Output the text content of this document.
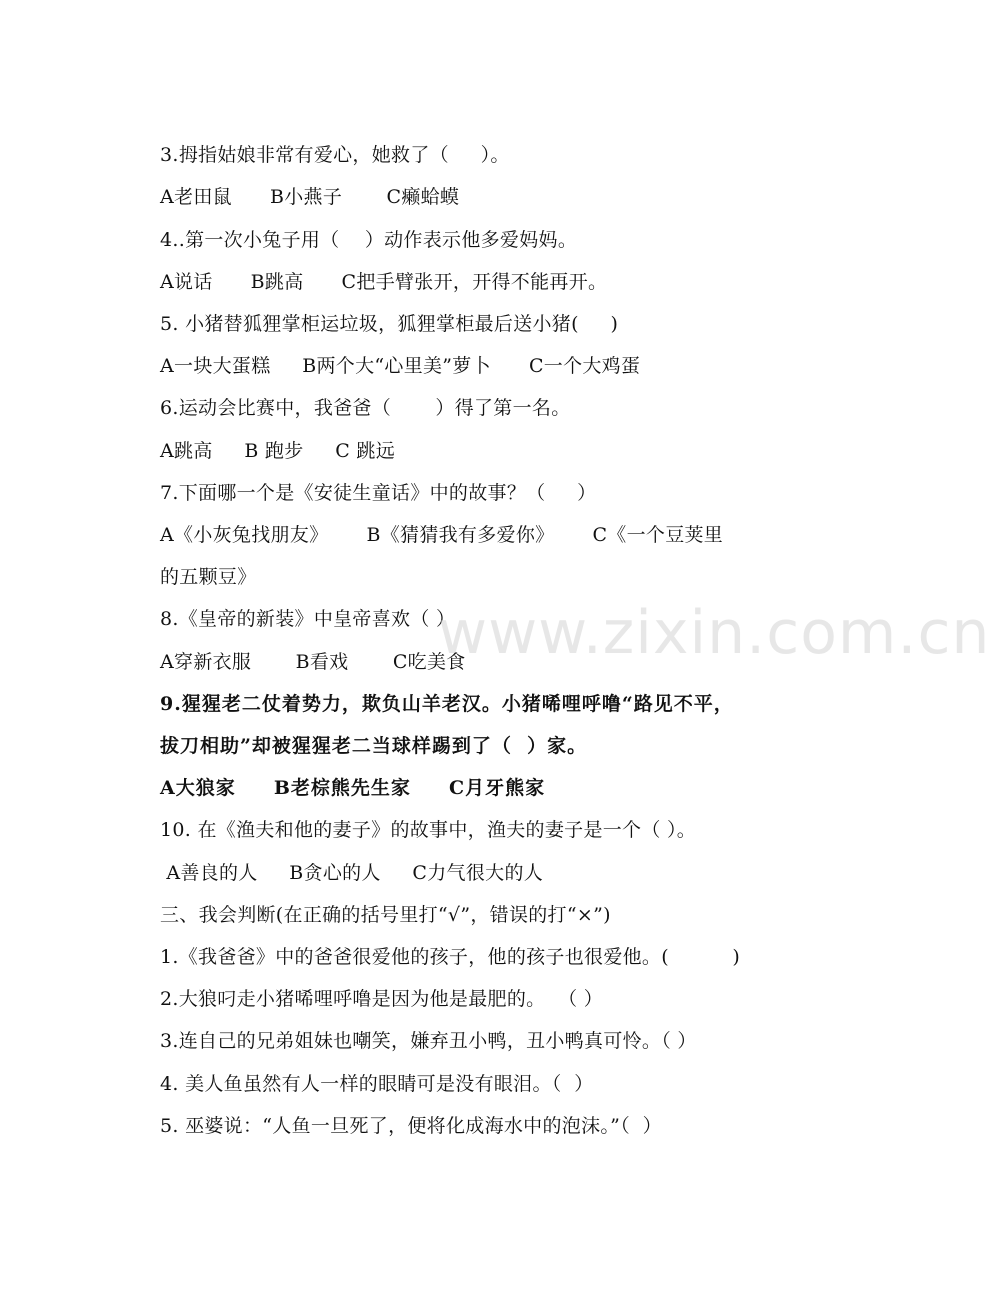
3.拇指姑娘非常有爱心，她救了（     ）。
A老田鼠      B小燕子       C癞蛤蟆
4..第一次小兔子用（    ）动作表示他多爱妈妈。
A说话      B跳高      C把手臂张开，开得不能再开。
5. 小猪替狐狸掌柜运垃圾，狐狸掌柜最后送小猪(     )
A一块大蛋糕     B两个大“心里美”萝卜      C一个大鸡蛋
6.运动会比赛中，我爸爸（       ）得了第一名。
A跳高     B 跑步     C 跳远
7.下面哪一个是《安徒生童话》中的故事？（     ）
A《小灰兔找朋友》      B《猜猜我有多爱你》      C《一个豆荚里
的五颗豆》
8.《皇帝的新装》中皇帝喜欢（ ）
A穿新衣服       B看戏       C吃美食
9.猩猩老二仗着势力，欺负山羊老汉。小猪唏哩呼噜“路见不平，
拔刀相助”却被猩猩老二当球样踢到了（  ）家。
A大狼家     B老棕熊先生家     C月牙熊家
10. 在《渔夫和他的妻子》的故事中，渔夫的妻子是一个（ ）。
A善良的人     B贪心的人     C力气很大的人
三、我会判断(在正确的括号里打“√”，错误的打“×”)
1.《我爸爸》中的爸爸很爱他的孩子，他的孩子也很爱他。(          )
2.大狼叼走小猪唏哩呼噜是因为他是最肥的。  （ ）
3.连自己的兄弟姐妹也嘲笑，嫌弃丑小鸭，丑小鸭真可怜。（ ）
4. 美人鱼虽然有人一样的眼睛可是没有眼泪。（  ）
5. 巫婆说：“人鱼一旦死了，便将化成海水中的泡沫。”（  ）
www.zixin.com.cn
